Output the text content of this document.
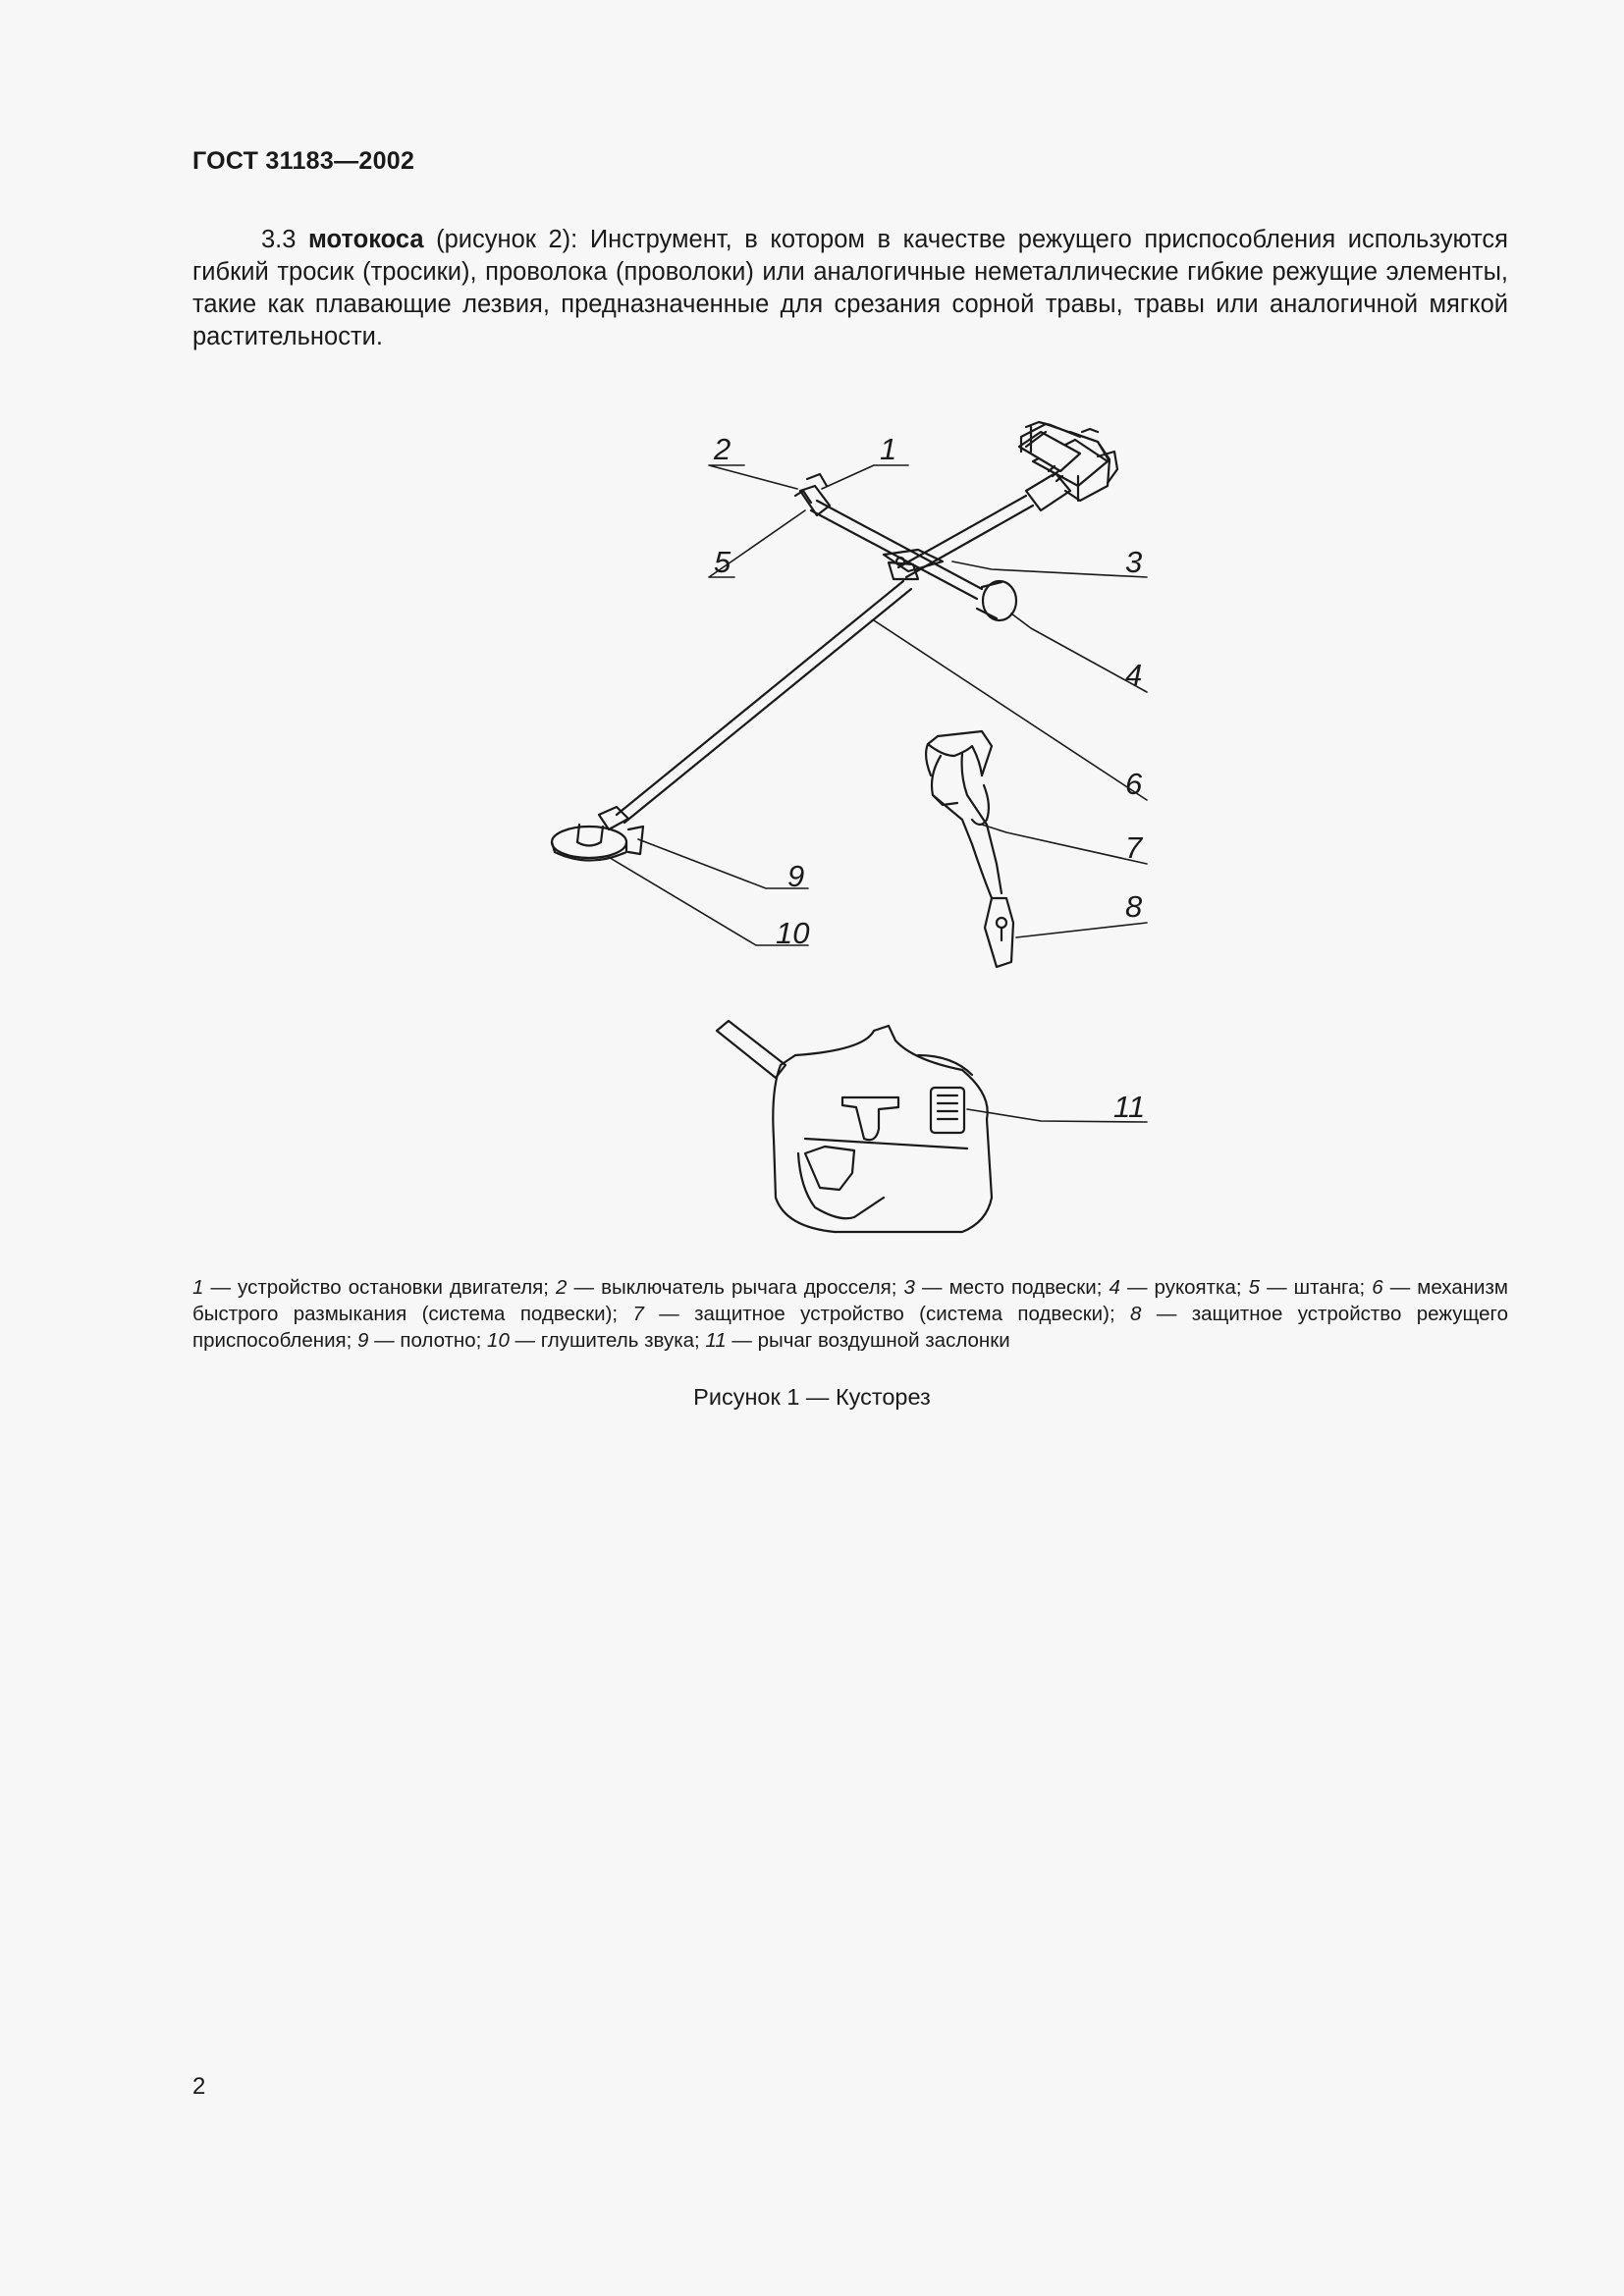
ГОСТ 31183—2002
3.3 мотокоса (рисунок 2): Инструмент, в котором в качестве режущего приспособления используются гибкий тросик (тросики), проволока (проволоки) или аналогичные неметаллические гибкие режущие элементы, такие как плавающие лезвия, предназначенные для срезания сорной травы, травы или аналогичной мягкой растительности.
2	1
5	3
4
6
7
8
9
10
11
1 — устройство остановки двигателя; 2 — выключатель рычага дросселя; 3 — место подвески; 4 — рукоятка; 5 — штанга; 6 — механизм быстрого размыкания (система подвески); 7 — защитное устройство (система подвески); 8 — защитное устройство режущего приспособления; 9 — полотно; 10 — глушитель звука; 11 — рычаг воздушной заслонки
Рисунок 1 — Кусторез
2
